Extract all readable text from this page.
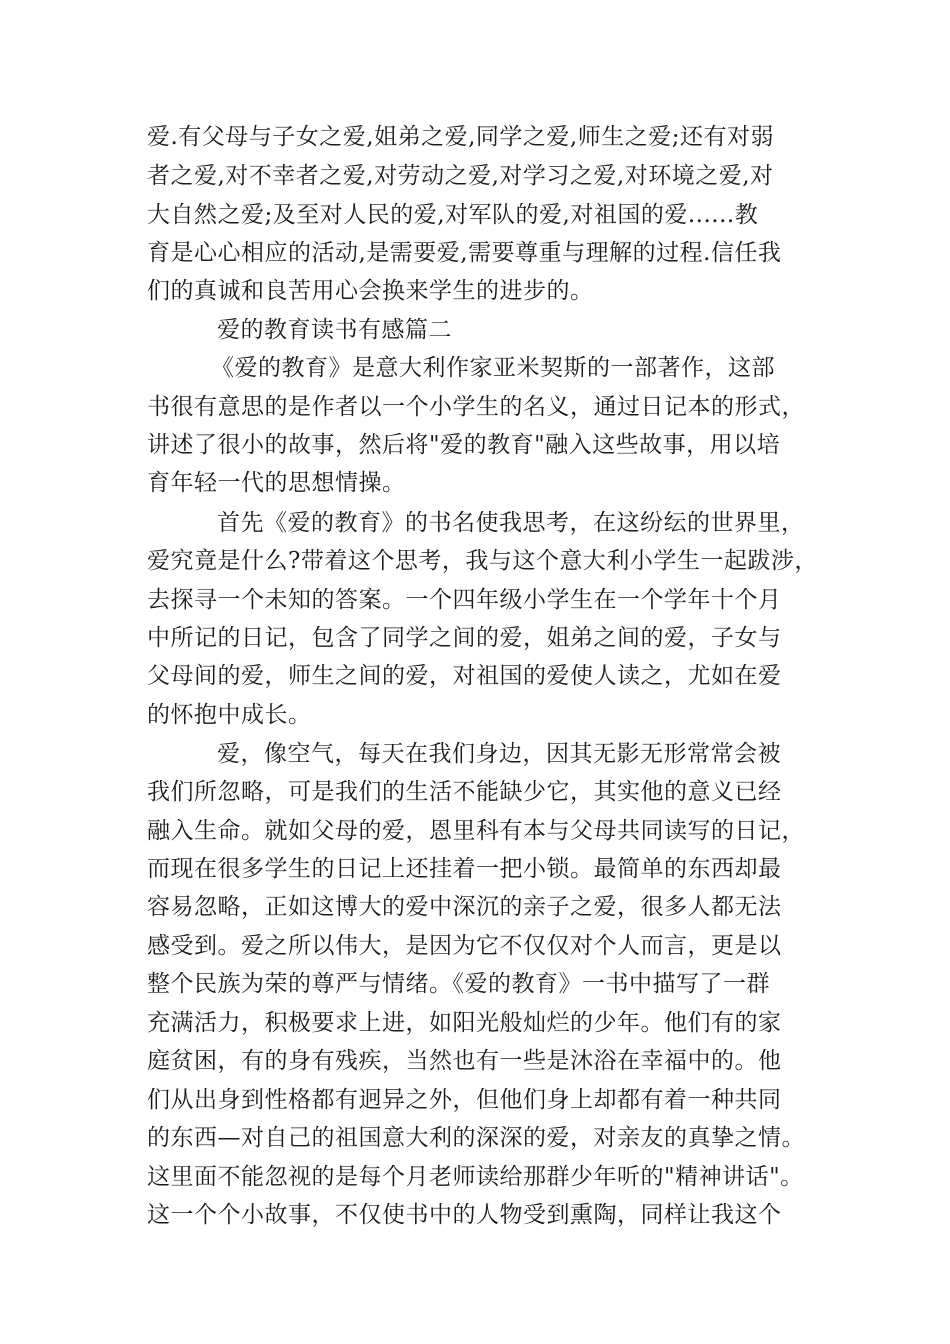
爱.有父母与子女之爱,姐弟之爱,同学之爱,师生之爱;还有对弱
者之爱,对不幸者之爱,对劳动之爱,对学习之爱,对环境之爱,对
大自然之爱;及至对人民的爱,对军队的爱,对祖国的爱......教
育是心心相应的活动,是需要爱,需要尊重与理解的过程.信任我
们的真诚和良苦用心会换来学生的进步的。
爱的教育读书有感篇二
《爱的教育》是意大利作家亚米契斯的一部著作，这部
书很有意思的是作者以一个小学生的名义，通过日记本的形式，
讲述了很小的故事，然后将"爱的教育"融入这些故事，用以培
育年轻一代的思想情操。
首先《爱的教育》的书名使我思考，在这纷纭的世界里，
爱究竟是什么?带着这个思考，我与这个意大利小学生一起跋涉，
去探寻一个未知的答案。一个四年级小学生在一个学年十个月
中所记的日记，包含了同学之间的爱，姐弟之间的爱，子女与
父母间的爱，师生之间的爱，对祖国的爱使人读之，尤如在爱
的怀抱中成长。
爱，像空气，每天在我们身边，因其无影无形常常会被
我们所忽略，可是我们的生活不能缺少它，其实他的意义已经
融入生命。就如父母的爱，恩里科有本与父母共同读写的日记，
而现在很多学生的日记上还挂着一把小锁。最简单的东西却最
容易忽略，正如这博大的爱中深沉的亲子之爱，很多人都无法
感受到。爱之所以伟大，是因为它不仅仅对个人而言，更是以
整个民族为荣的尊严与情绪。《爱的教育》一书中描写了一群
充满活力，积极要求上进，如阳光般灿烂的少年。他们有的家
庭贫困，有的身有残疾，当然也有一些是沐浴在幸福中的。他
们从出身到性格都有迥异之外，但他们身上却都有着一种共同
的东西—对自己的祖国意大利的深深的爱，对亲友的真挚之情。
这里面不能忽视的是每个月老师读给那群少年听的"精神讲话"。
这一个个小故事，不仅使书中的人物受到熏陶，同样让我这个
